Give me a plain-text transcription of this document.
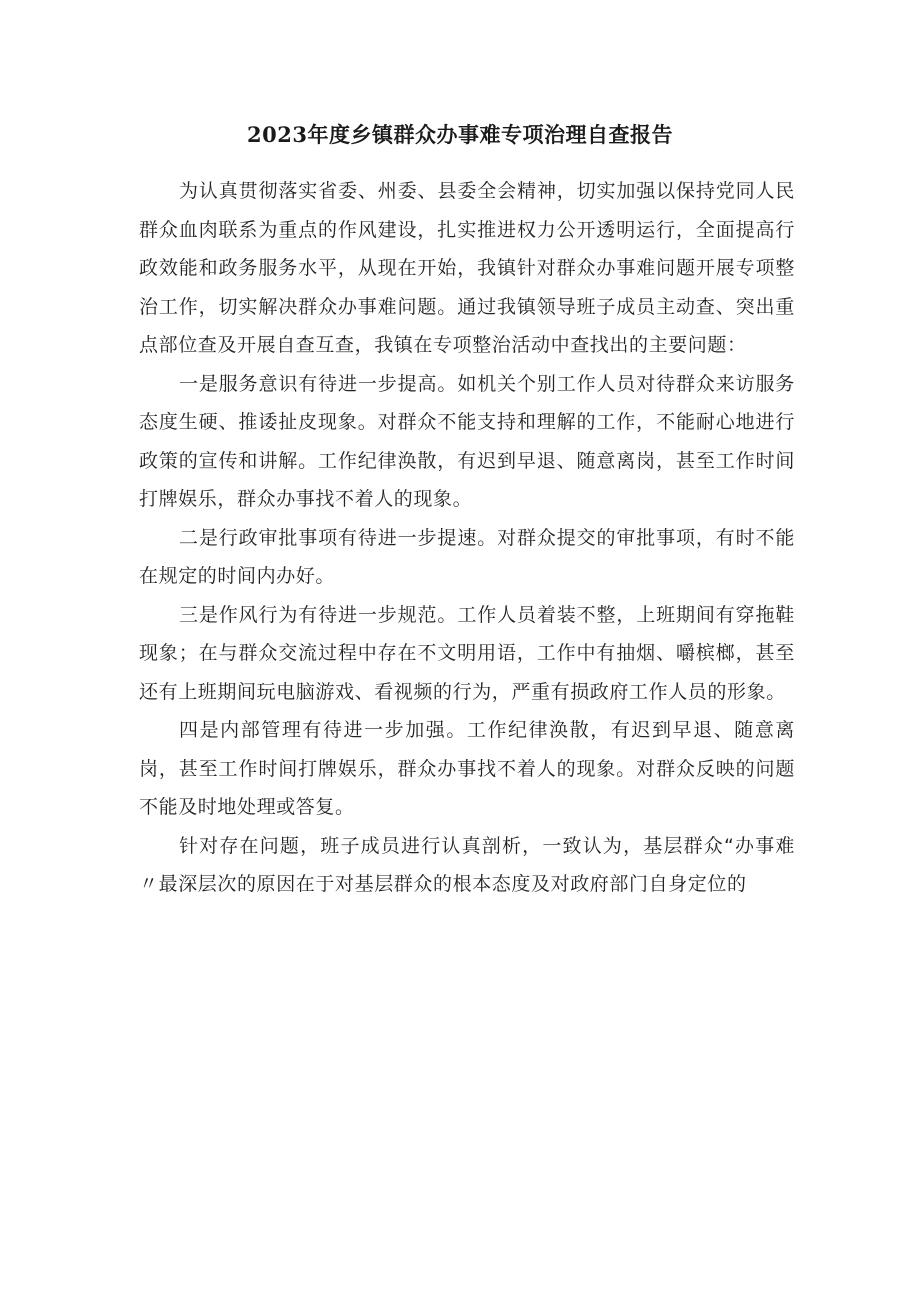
2023年度乡镇群众办事难专项治理自查报告

为认真贯彻落实省委、州委、县委全会精神，切实加强以保持党同人民群众血肉联系为重点的作风建设，扎实推进权力公开透明运行，全面提高行政效能和政务服务水平，从现在开始，我镇针对群众办事难问题开展专项整治工作，切实解决群众办事难问题。通过我镇领导班子成员主动查、突出重点部位查及开展自查互查，我镇在专项整治活动中查找出的主要问题：

一是服务意识有待进一步提高。如机关个别工作人员对待群众来访服务态度生硬、推诿扯皮现象。对群众不能支持和理解的工作，不能耐心地进行政策的宣传和讲解。工作纪律涣散，有迟到早退、随意离岗，甚至工作时间打牌娱乐，群众办事找不着人的现象。

二是行政审批事项有待进一步提速。对群众提交的审批事项，有时不能在规定的时间内办好。

三是作风行为有待进一步规范。工作人员着装不整，上班期间有穿拖鞋现象；在与群众交流过程中存在不文明用语，工作中有抽烟、嚼槟榔，甚至还有上班期间玩电脑游戏、看视频的行为，严重有损政府工作人员的形象。

四是内部管理有待进一步加强。工作纪律涣散，有迟到早退、随意离岗，甚至工作时间打牌娱乐，群众办事找不着人的现象。对群众反映的问题不能及时地处理或答复。

针对存在问题，班子成员进行认真剖析，一致认为，基层群众“办事难〃最深层次的原因在于对基层群众的根本态度及对政府部门自身定位的
